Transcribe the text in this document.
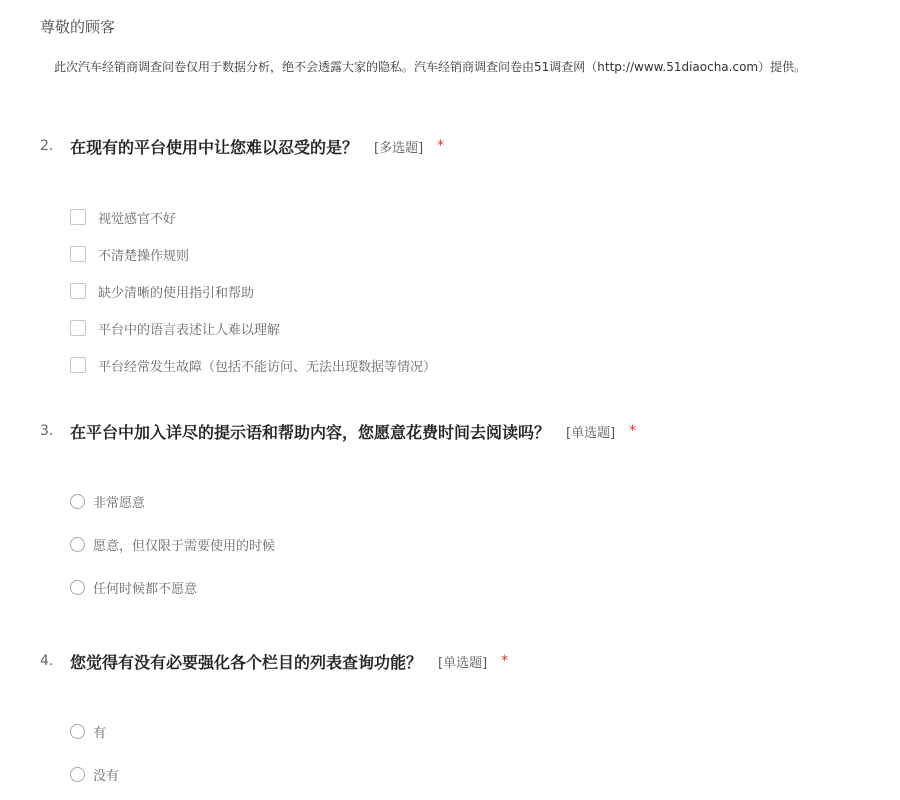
尊敬的顾客
此次汽车经销商调查问卷仅用于数据分析，绝不会透露大家的隐私。汽车经销商调查问卷由51调查网（http://www.51diaocha.com）提供。
2.	在现有的平台使用中让您难以忍受的是？ [多选题] *
视觉感官不好
不清楚操作规则
缺少清晰的使用指引和帮助
平台中的语言表述让人难以理解
平台经常发生故障（包括不能访问、无法出现数据等情况）
3.	在平台中加入详尽的提示语和帮助内容，您愿意花费时间去阅读吗？ [单选题] *
非常愿意
愿意，但仅限于需要使用的时候
任何时候都不愿意
4.	您觉得有没有必要强化各个栏目的列表查询功能？ [单选题] *
有
没有
